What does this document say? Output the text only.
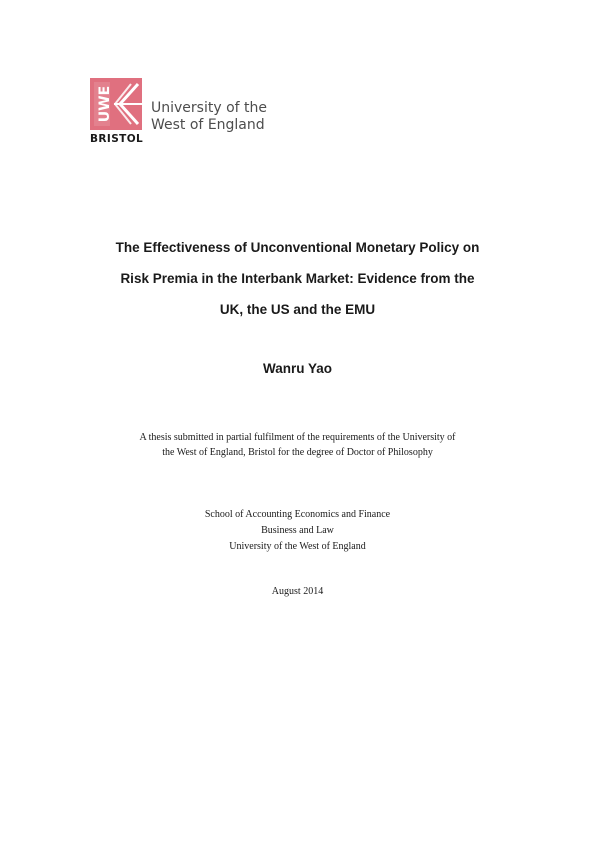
UWE
BRISTOL
University of the
West of England
The Effectiveness of Unconventional Monetary Policy on
Risk Premia in the Interbank Market: Evidence from the
UK, the US and the EMU
Wanru Yao
A thesis submitted in partial fulfilment of the requirements of the University of
the West of England, Bristol for the degree of Doctor of Philosophy
School of Accounting Economics and Finance
Business and Law
University of the West of England
August 2014
